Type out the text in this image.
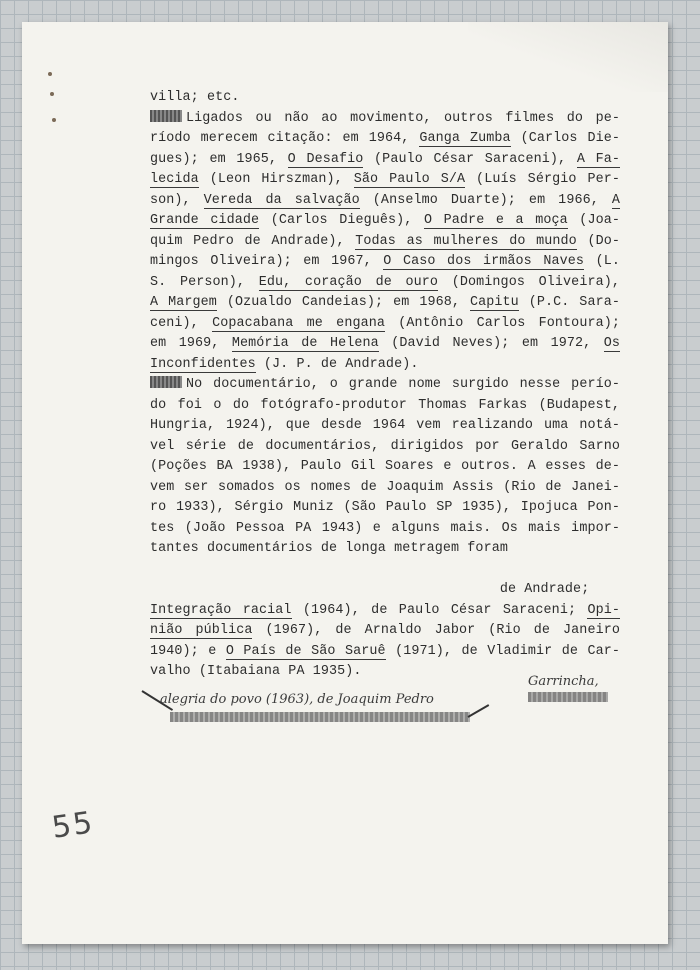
villa; etc.
Ligados ou não ao movimento, outros filmes do pe-
ríodo merecem citação: em 1964, Ganga Zumba (Carlos Die-
gues); em 1965, O Desafio (Paulo César Saraceni), A Fa-
lecida (Leon Hirszman), São Paulo S/A (Luís Sérgio Per-
son), Vereda da salvação (Anselmo Duarte); em 1966, A
Grande cidade (Carlos Dieguês), O Padre e a moça (Joa-
quim Pedro de Andrade), Todas as mulheres do mundo (Do-
mingos Oliveira); em 1967, O Caso dos irmãos Naves (L.
S. Person), Edu, coração de ouro (Domingos Oliveira),
A Margem (Ozualdo Candeias); em 1968, Capitu (P.C. Sara-
ceni), Copacabana me engana (Antônio Carlos Fontoura);
em 1969, Memória de Helena (David Neves); em 1972, Os
Inconfidentes (J. P. de Andrade).
No documentário, o grande nome surgido nesse perío-
do foi o do fotógrafo-produtor Thomas Farkas (Budapest,
Hungria, 1924), que desde 1964 vem realizando uma notá-
vel série de documentários, dirigidos por Geraldo Sarno
(Poções BA 1938), Paulo Gil Soares e outros. A esses de-
vem ser somados os nomes de Joaquim Assis (Rio de Janei-
ro 1933), Sérgio Muniz (São Paulo SP 1935), Ipojuca Pon-
tes (João Pessoa PA 1943) e alguns mais. Os mais impor-
tantes documentários de longa metragem foram
de Andrade;
Integração racial (1964), de Paulo César Saraceni; Opi-
nião pública (1967), de Arnaldo Jabor (Rio de Janeiro
1940); e O País de São Saruê (1971), de Vladimir de Car-
valho (Itabaiana PA 1935).
Garrincha,
alegria do povo (1963), de Joaquim Pedro
55
